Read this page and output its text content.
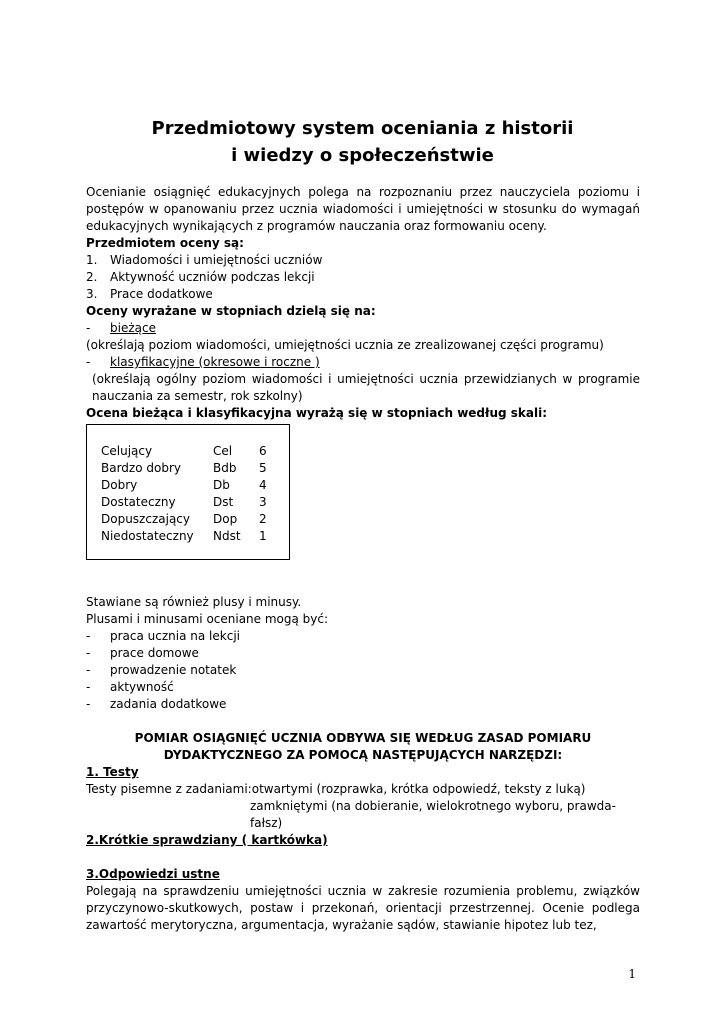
Przedmiotowy system oceniania z historii
i wiedzy o społeczeństwie

Ocenianie osiągnięć edukacyjnych polega na rozpoznaniu przez nauczyciela poziomu i postępów w opanowaniu przez ucznia wiadomości i umiejętności w stosunku do wymagań edukacyjnych wynikających z programów nauczania oraz formowaniu oceny.

Przedmiotem oceny są:

1.	Wiadomości i umiejętności uczniów
2.	Aktywność uczniów podczas lekcji
3.	Prace dodatkowe

Oceny wyrażane w stopniach dzielą się na:

-	bieżące

(określają poziom wiadomości, umiejętności ucznia ze zrealizowanej części programu)

-	klasyfikacyjne (okresowe i roczne )

(określają ogólny poziom wiadomości i umiejętności ucznia przewidzianych w programie nauczania za semestr, rok szkolny)

Ocena bieżąca i klasyfikacyjna wyrażą się w stopniach według skali:

Celujący	Cel	6
Bardzo dobry	Bdb	5
Dobry	Db	4
Dostateczny	Dst	3
Dopuszczający	Dop	2
Niedostateczny	Ndst	1

Stawiane są również plusy i minusy.

Plusami i minusami oceniane mogą być:

-	praca ucznia na lekcji
-	prace domowe
-	prowadzenie notatek
-	aktywność
-	zadania dodatkowe

POMIAR OSIĄGNIĘĆ UCZNIA ODBYWA SIĘ WEDŁUG ZASAD POMIARU

DYDAKTYCZNEGO ZA POMOCĄ NASTĘPUJĄCYCH NARZĘDZI:

1. Testy

Testy pisemne z zadaniami: otwartymi (rozprawka, krótka odpowiedź, teksty z luką)

zamkniętymi (na dobieranie, wielokrotnego wyboru, prawda-

fałsz)

2.Krótkie sprawdziany ( kartkówka)

3.Odpowiedzi ustne

Polegają na sprawdzeniu umiejętności ucznia w zakresie rozumienia problemu, związków przyczynowo-skutkowych, postaw i przekonań, orientacji przestrzennej. Ocenie podlega zawartość merytoryczna, argumentacja, wyrażanie sądów, stawianie hipotez lub tez,

1
